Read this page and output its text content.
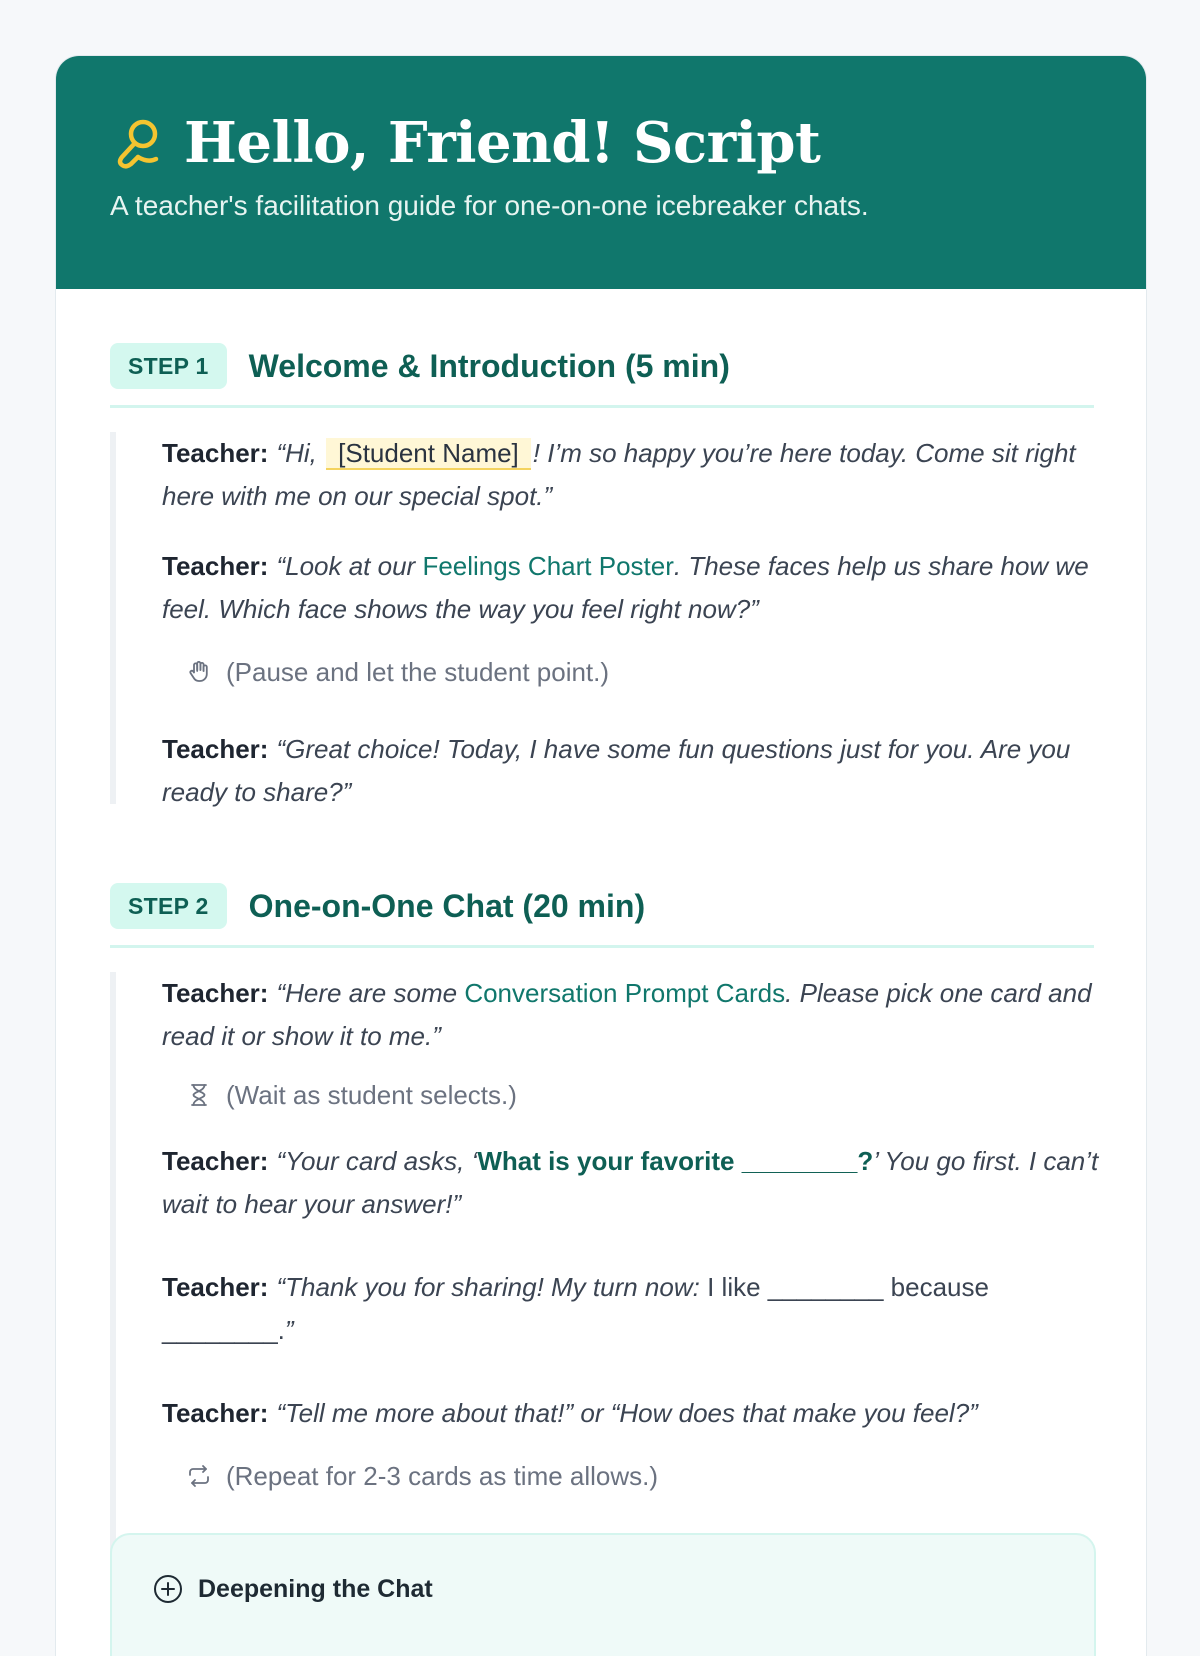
Hello, Friend! Script
A teacher's facilitation guide for one-on-one icebreaker chats.
STEP 1	Welcome & Introduction (5 min)
Teacher: “Hi, [Student Name] ! I’m so happy you’re here today. Come sit right here with me on our special spot.”
Teacher: “Look at our Feelings Chart Poster. These faces help us share how we feel. Which face shows the way you feel right now?”
(Pause and let the student point.)
Teacher: “Great choice! Today, I have some fun questions just for you. Are you ready to share?”
STEP 2	One-on-One Chat (20 min)
Teacher: “Here are some Conversation Prompt Cards. Please pick one card and read it or show it to me.”
(Wait as student selects.)
Teacher: “Your card asks, ‘What is your favorite ________?’ You go first. I can’t wait to hear your answer!”
Teacher: “Thank you for sharing! My turn now: I like ________ because ________.”
Teacher: “Tell me more about that!” or “How does that make you feel?”
(Repeat for 2-3 cards as time allows.)
Deepening the Chat
